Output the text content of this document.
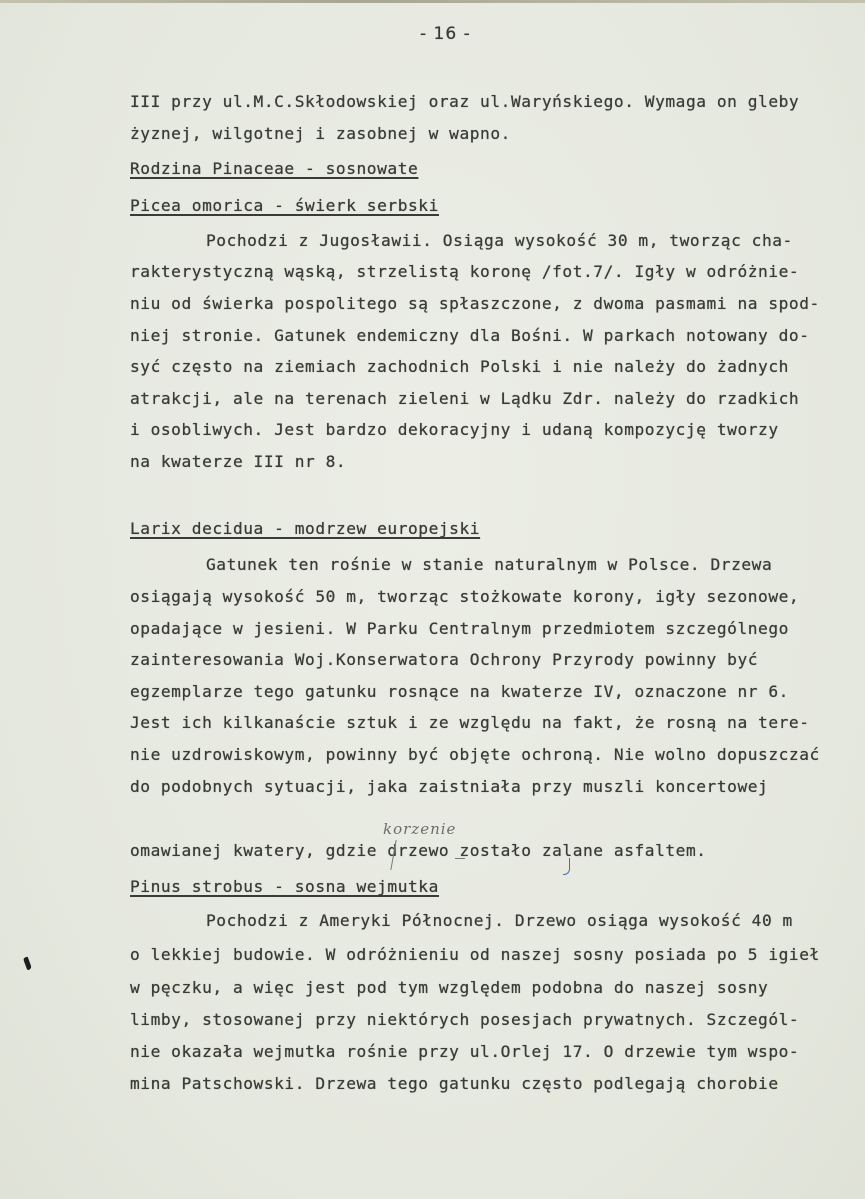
- 16 -
III przy ul.M.C.Skłodowskiej oraz ul.Waryńskiego. Wymaga on gleby
żyznej, wilgotnej i zasobnej w wapno.
Rodzina Pinaceae - sosnowate
Picea omorica - świerk serbski
Pochodzi z Jugosławii. Osiąga wysokość 30 m, tworząc cha-
rakterystyczną wąską, strzelistą koronę /fot.7/. Igły w odróżnie-
niu od świerka pospolitego są spłaszczone, z dwoma pasmami na spod-
niej stronie. Gatunek endemiczny dla Bośni. W parkach notowany do-
syć często na ziemiach zachodnich Polski i nie należy do żadnych
atrakcji, ale na terenach zieleni w Lądku Zdr. należy do rzadkich
i osobliwych. Jest bardzo dekoracyjny i udaną kompozycję tworzy
na kwaterze III nr 8.
Larix decidua - modrzew europejski
Gatunek ten rośnie w stanie naturalnym w Polsce. Drzewa
osiągają wysokość 50 m, tworząc stożkowate korony, igły sezonowe,
opadające w jesieni. W Parku Centralnym przedmiotem szczególnego
zainteresowania Woj.Konserwatora Ochrony Przyrody powinny być
egzemplarze tego gatunku rosnące na kwaterze IV, oznaczone nr 6.
Jest ich kilkanaście sztuk i ze względu na fakt, że rosną na tere-
nie uzdrowiskowym, powinny być objęte ochroną. Nie wolno dopuszczać
do podobnych sytuacji, jaka zaistniała przy muszli koncertowej
omawianej kwatery, gdzie drzewo zostało zalane asfaltem.
Pinus strobus - sosna wejmutka
Pochodzi z Ameryki Północnej. Drzewo osiąga wysokość 40 m
o lekkiej budowie. W odróżnieniu od naszej sosny posiada po 5 igieł
w pęczku, a więc jest pod tym względem podobna do naszej sosny
limby, stosowanej przy niektórych posesjach prywatnych. Szczegól-
nie okazała wejmutka rośnie przy ul.Orlej 17. O drzewie tym wspo-
mina Patschowski. Drzewa tego gatunku często podlegają chorobie
korzenie
